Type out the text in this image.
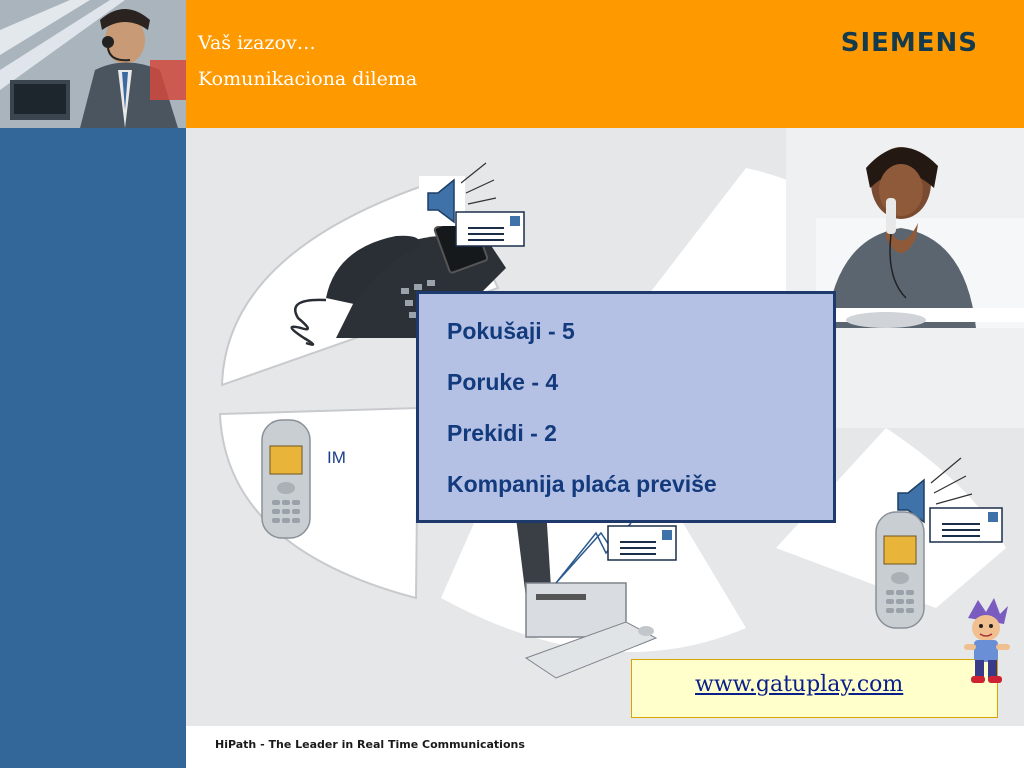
Vaš izazov…
Komunikaciona dilema
SIEMENS
IM
Pokušaji - 5
Poruke - 4
Prekidi - 2
Kompanija plaća previše
www.gatuplay.com
HiPath - The Leader in Real Time Communications
